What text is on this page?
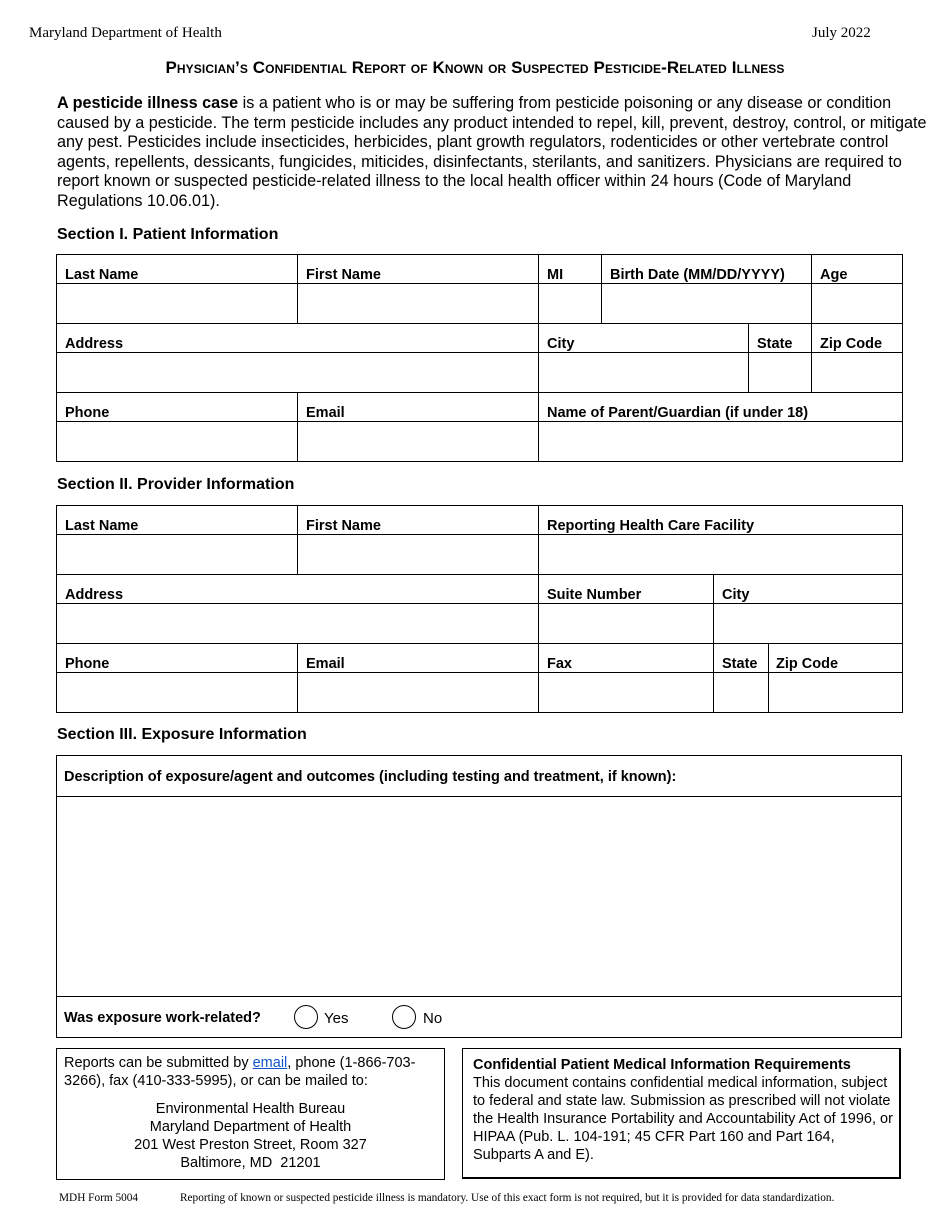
Maryland Department of Health	July 2022
Physician’s Confidential Report of Known or Suspected Pesticide-Related Illness
A pesticide illness case is a patient who is or may be suffering from pesticide poisoning or any disease or condition caused by a pesticide. The term pesticide includes any product intended to repel, kill, prevent, destroy, control, or mitigate any pest. Pesticides include insecticides, herbicides, plant growth regulators, rodenticides or other vertebrate control agents, repellents, dessicants, fungicides, miticides, disinfectants, sterilants, and sanitizers. Physicians are required to report known or suspected pesticide-related illness to the local health officer within 24 hours (Code of Maryland Regulations 10.06.01).
Section I. Patient Information
Last Name	First Name	MI	Birth Date (MM/DD/YYYY)		Age

Address		City		State	Zip Code

Phone	Email	Name of Parent/Guardian (if under 18)			

Section II. Provider Information
Last Name	First Name	Reporting Health Care Facility		

Address		Suite Number	City	

Phone	Email	Fax	State	Zip Code

Section III. Exposure Information
Description of exposure/agent and outcomes (including testing and treatment, if known):
Was exposure work-related?	Yes	No
Reports can be submitted by email, phone (1-866-703-3266), fax (410-333-5995), or can be mailed to:
Environmental Health Bureau
Maryland Department of Health
201 West Preston Street, Room 327
Baltimore, MD  21201
Confidential Patient Medical Information Requirements
This document contains confidential medical information, subject to federal and state law. Submission as prescribed will not violate the Health Insurance Portability and Accountability Act of 1996, or HIPAA (Pub. L. 104-191; 45 CFR Part 160 and Part 164, Subparts A and E).
MDH Form 5004	Reporting of known or suspected pesticide illness is mandatory. Use of this exact form is not required, but it is provided for data standardization.
